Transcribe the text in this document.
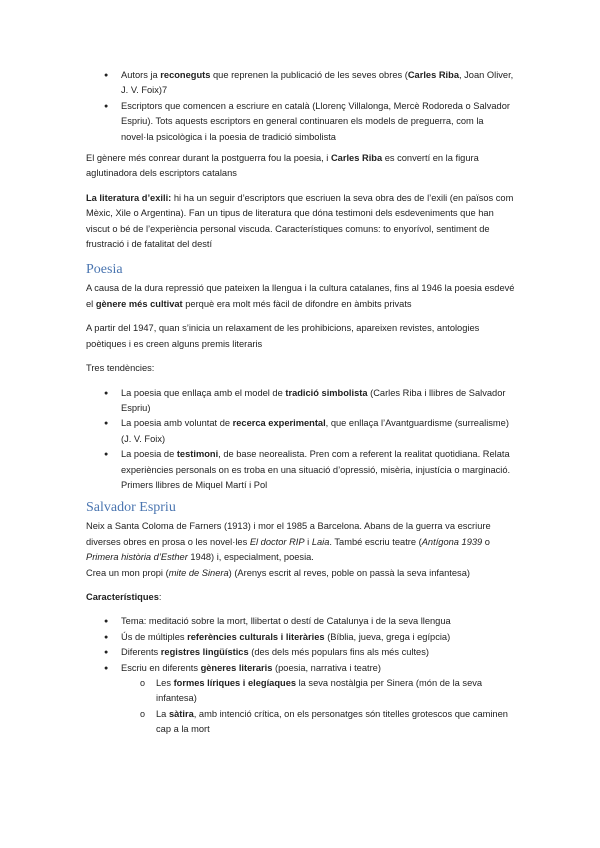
● Autors ja reconeguts que reprenen la publicació de les seves obres (Carles Riba, Joan Oliver, J. V. Foix)7
● Escriptors que comencen a escriure en català (Llorenç Villalonga, Mercè Rodoreda o Salvador Espriu). Tots aquests escriptors en general continuaren els models de preguerra, com la novel·la psicològica i la poesia de tradició simbolista

El gènere més conrear durant la postguerra fou la poesia, i Carles Riba es convertí en la figura aglutinadora dels escriptors catalans

La literatura d’exili: hi ha un seguir d’escriptors que escriuen la seva obra des de l’exili (en països com Mèxic, Xile o Argentina). Fan un tipus de literatura que dóna testimoni dels esdeveniments que han viscut o bé de l’experiència personal viscuda. Característiques comuns: to enyorívol, sentiment de frustració i de fatalitat del destí

Poesia

A causa de la dura repressió que pateixen la llengua i la cultura catalanes, fins al 1946 la poesia esdevé el gènere més cultivat perquè era molt més fàcil de difondre en àmbits privats

A partir del 1947, quan s’inicia un relaxament de les prohibicions, apareixen revistes, antologies poètiques i es creen alguns premis literaris

Tres tendències:

● La poesia que enllaça amb el model de tradició simbolista (Carles Riba i llibres de Salvador Espriu)
● La poesia amb voluntat de recerca experimental, que enllaça l’Avantguardisme (surrealisme) (J. V. Foix)
● La poesia de testimoni, de base neorealista. Pren com a referent la realitat quotidiana. Relata experiències personals on es troba en una situació d’opressió, misèria, injustícia o marginació. Primers llibres de Miquel Martí i Pol
Salvador Espriu

Neix a Santa Coloma de Farners (1913) i mor el 1985 a Barcelona. Abans de la guerra va escriure diverses obres en prosa o les novel·les El doctor RIP i Laia. També escriu teatre (Antígona 1939 o Primera història d’Esther 1948) i, especialment, poesia.
Crea un mon propi (mite de Sinera) (Arenys escrit al reves, poble on passà la seva infantesa)

Característiques:

● Tema: meditació sobre la mort, llibertat o destí de Catalunya i de la seva llengua
● Ús de múltiples referències culturals i literàries (Bíblia, jueva, grega i egípcia)
● Diferents registres lingüístics (des dels més populars fins als més cultes)
● Escriu en diferents gèneres literaris (poesia, narrativa i teatre)
o Les formes líriques i elegíaques la seva nostàlgia per Sinera (món de la seva infantesa)
o La sàtira, amb intenció crítica, on els personatges són titelles grotescos que caminen cap a la mort
